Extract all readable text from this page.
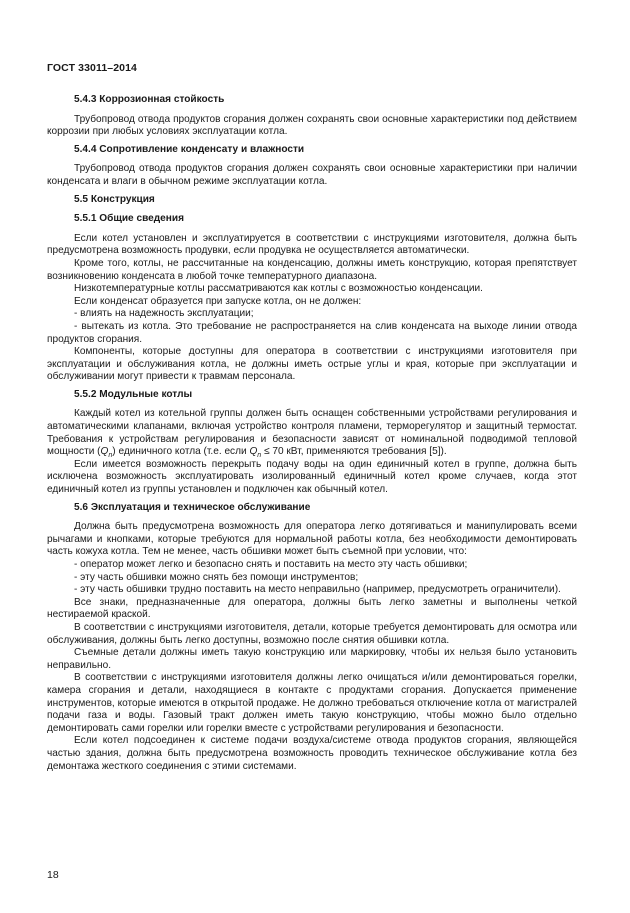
ГОСТ 33011–2014
5.4.3 Коррозионная стойкость

Трубопровод отвода продуктов сгорания должен сохранять свои основные характеристики под действием коррозии при любых условиях эксплуатации котла.

5.4.4 Сопротивление конденсату и влажности

Трубопровод отвода продуктов сгорания должен сохранять свои основные характеристики при наличии конденсата и влаги в обычном режиме эксплуатации котла.

5.5 Конструкция
5.5.1 Общие сведения

Если котел установлен и эксплуатируется в соответствии с инструкциями изготовителя, должна быть предусмотрена возможность продувки, если продувка не осуществляется автоматически.

Кроме того, котлы, не рассчитанные на конденсацию, должны иметь конструкцию, которая препятствует возникновению конденсата в любой точке температурного диапазона.

Низкотемпературные котлы рассматриваются как котлы с возможностью конденсации.

Если конденсат образуется при запуске котла, он не должен:

- влиять на надежность эксплуатации;

- вытекать из котла. Это требование не распространяется на слив конденсата на выходе линии отвода продуктов сгорания.

Компоненты, которые доступны для оператора в соответствии с инструкциями изготовителя при эксплуатации и обслуживания котла, не должны иметь острые углы и края, которые при эксплуатации и обслуживании могут привести к травмам персонала.

5.5.2 Модульные котлы

Каждый котел из котельной группы должен быть оснащен собственными устройствами регулирования и автоматическими клапанами, включая устройство контроля пламени, терморегулятор и защитный термостат. Требования к устройствам регулирования и безопасности зависят от номинальной подводимой тепловой мощности $(Q_n)$ единичного котла (т.е. если $Q_n \le 70$ кВт, применяются требования [5]).

Если имеется возможность перекрыть подачу воды на один единичный котел в группе, должна быть исключена возможность эксплуатировать изолированный единичный котел кроме случаев, когда этот единичный котел из группы установлен и подключен как обычный котел.

5.6 Эксплуатация и техническое обслуживание

Должна быть предусмотрена возможность для оператора легко дотягиваться и манипулировать всеми рычагами и кнопками, которые требуются для нормальной работы котла, без необходимости демонтировать часть кожуха котла. Тем не менее, часть обшивки может быть съемной при условии, что:

- оператор может легко и безопасно снять и поставить на место эту часть обшивки;

- эту часть обшивки можно снять без помощи инструментов;

- эту часть обшивки трудно поставить на место неправильно (например, предусмотреть ограничители).

Все знаки, предназначенные для оператора, должны быть легко заметны и выполнены четкой нестираемой краской.

В соответствии с инструкциями изготовителя, детали, которые требуется демонтировать для осмотра или обслуживания, должны быть легко доступны, возможно после снятия обшивки котла.

Съемные детали должны иметь такую конструкцию или маркировку, чтобы их нельзя было установить неправильно.

В соответствии с инструкциями изготовителя должны легко очищаться и/или демонтироваться горелки, камера сгорания и детали, находящиеся в контакте с продуктами сгорания. Допускается применение инструментов, которые имеются в открытой продаже. Не должно требоваться отключение котла от магистралей подачи газа и воды. Газовый тракт должен иметь такую конструкцию, чтобы можно было отдельно демонтировать сами горелки или горелки вместе с устройствами регулирования и безопасности.

Если котел подсоединен к системе подачи воздуха/системе отвода продуктов сгорания, являющейся частью здания, должна быть предусмотрена возможность проводить техническое обслуживание котла без демонтажа жесткого соединения с этими системами.

18
